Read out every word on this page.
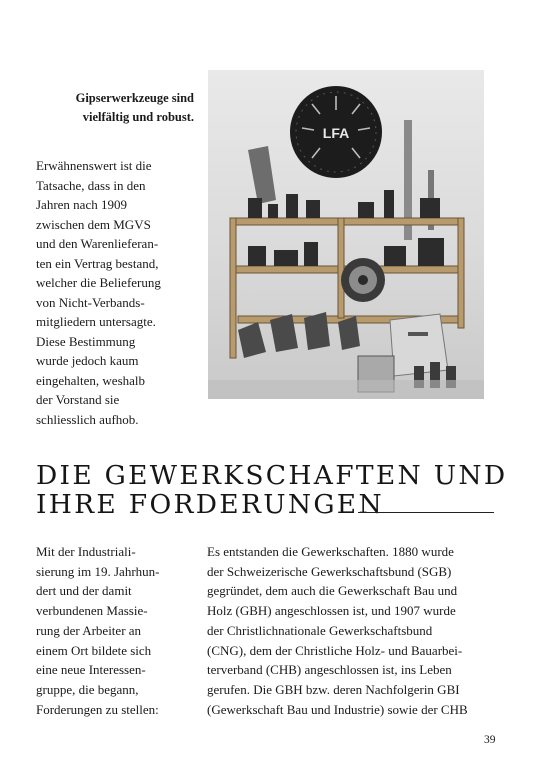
Gipserwerkzeuge sind vielfältig und robust.
Erwähnenswert ist die
Tatsache, dass in den
Jahren nach 1909
zwischen dem MGVS
und den Warenlieferan-
ten ein Vertrag bestand,
welcher die Belieferung
von Nicht-Verbands-
mitgliedern untersagte.
Diese Bestimmung
wurde jedoch kaum
eingehalten, weshalb
der Vorstand sie
schliesslich aufhob.
LFA
DIE GEWERKSCHAFTEN UND
IHRE FORDERUNGEN
Mit der Industriali-
sierung im 19. Jahrhun-
dert und der damit
verbundenen Massie-
rung der Arbeiter an
einem Ort bildete sich
eine neue Interessen-
gruppe, die begann,
Forderungen zu stellen:
Es entstanden die Gewerkschaften. 1880 wurde
der Schweizerische Gewerkschaftsbund (SGB)
gegründet, dem auch die Gewerkschaft Bau und
Holz (GBH) angeschlossen ist, und 1907 wurde
der Christlichnationale Gewerkschaftsbund
(CNG), dem der Christliche Holz- und Bauarbei-
terverband (CHB) angeschlossen ist, ins Leben
gerufen. Die GBH bzw. deren Nachfolgerin GBI
(Gewerkschaft Bau und Industrie) sowie der CHB
39
